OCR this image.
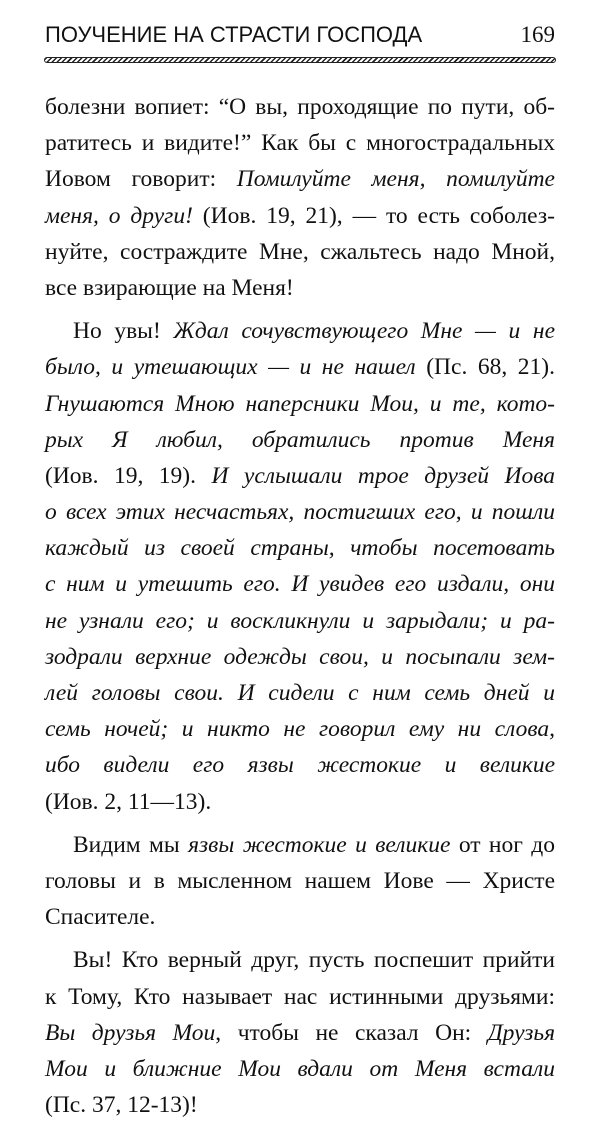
ПОУЧЕНИЕ НА СТРАСТИ ГОСПОДА	169
болезни вопиет: “О вы, проходящие по пути, об-
ратитесь и видите!” Как бы с многострадальных
Иовом говорит: Помилуйте меня, помилуйте
меня, о други! (Иов. 19, 21), — то есть соболез-
нуйте, состраждите Мне, сжальтесь надо Мной,
все взирающие на Меня!
Но увы! Ждал сочувствующего Мне — и не
было, и утешающих — и не нашел (Пс. 68, 21).
Гнушаются Мною наперсники Мои, и те, кото-
рых Я любил, обратились против Меня
(Иов. 19, 19). И услышали трое друзей Иова
о всех этих несчастьях, постигших его, и пошли
каждый из своей страны, чтобы посетовать
с ним и утешить его. И увидев его издали, они
не узнали его; и воскликнули и зарыдали; и ра-
зодрали верхние одежды свои, и посыпали зем-
лей головы свои. И сидели с ним семь дней и
семь ночей; и никто не говорил ему ни слова,
ибо видели его язвы жестокие и великие
(Иов. 2, 11—13).
Видим мы язвы жестокие и великие от ног до
головы и в мысленном нашем Иове — Христе
Спасителе.
Вы! Кто верный друг, пусть поспешит прийти
к Тому, Кто называет нас истинными друзьями:
Вы друзья Мои, чтобы не сказал Он: Друзья
Мои и ближние Мои вдали от Меня встали
(Пс. 37, 12-13)!
